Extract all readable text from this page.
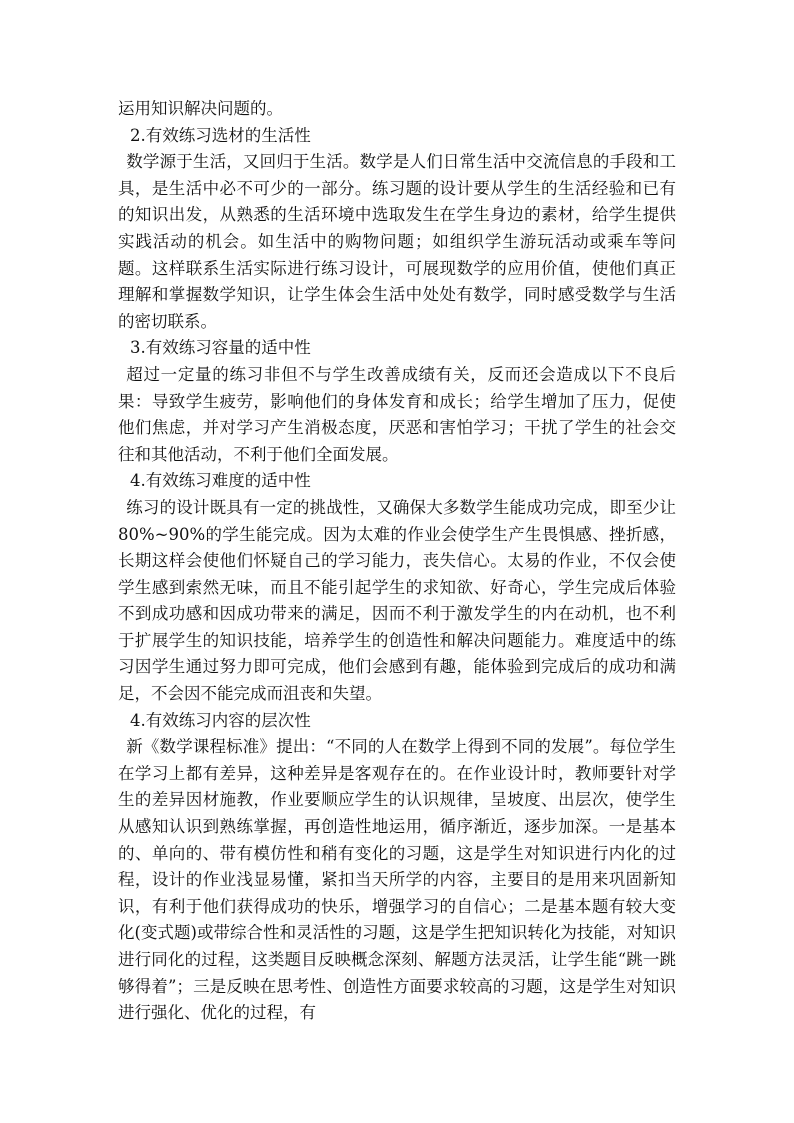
运用知识解决问题的。

2.有效练习选材的生活性

数学源于生活，又回归于生活。数学是人们日常生活中交流信息的手段和工具，是生活中必不可少的一部分。练习题的设计要从学生的生活经验和已有的知识出发，从熟悉的生活环境中选取发生在学生身边的素材，给学生提供实践活动的机会。如生活中的购物问题；如组织学生游玩活动或乘车等问题。这样联系生活实际进行练习设计，可展现数学的应用价值，使他们真正理解和掌握数学知识，让学生体会生活中处处有数学，同时感受数学与生活的密切联系。

3.有效练习容量的适中性

超过一定量的练习非但不与学生改善成绩有关，反而还会造成以下不良后果：导致学生疲劳，影响他们的身体发育和成长；给学生增加了压力，促使他们焦虑，并对学习产生消极态度，厌恶和害怕学习；干扰了学生的社会交往和其他活动，不利于他们全面发展。

4.有效练习难度的适中性

练习的设计既具有一定的挑战性，又确保大多数学生能成功完成，即至少让 80%~90%的学生能完成。因为太难的作业会使学生产生畏惧感、挫折感，长期这样会使他们怀疑自己的学习能力，丧失信心。太易的作业，不仅会使学生感到索然无味，而且不能引起学生的求知欲、好奇心，学生完成后体验不到成功感和因成功带来的满足，因而不利于激发学生的内在动机，也不利于扩展学生的知识技能，培养学生的创造性和解决问题能力。难度适中的练习因学生通过努力即可完成，他们会感到有趣，能体验到完成后的成功和满足，不会因不能完成而沮丧和失望。

4.有效练习内容的层次性

新《数学课程标准》提出：“不同的人在数学上得到不同的发展”。每位学生在学习上都有差异，这种差异是客观存在的。在作业设计时，教师要针对学生的差异因材施教，作业要顺应学生的认识规律，呈坡度、出层次，使学生从感知认识到熟练掌握，再创造性地运用，循序渐近，逐步加深。一是基本的、单向的、带有模仿性和稍有变化的习题，这是学生对知识进行内化的过程，设计的作业浅显易懂，紧扣当天所学的内容，主要目的是用来巩固新知识，有利于他们获得成功的快乐，增强学习的自信心；二是基本题有较大变化(变式题)或带综合性和灵活性的习题，这是学生把知识转化为技能，对知识进行同化的过程，这类题目反映概念深刻、解题方法灵活，让学生能“跳一跳够得着”；三是反映在思考性、创造性方面要求较高的习题，这是学生对知识进行强化、优化的过程，有
